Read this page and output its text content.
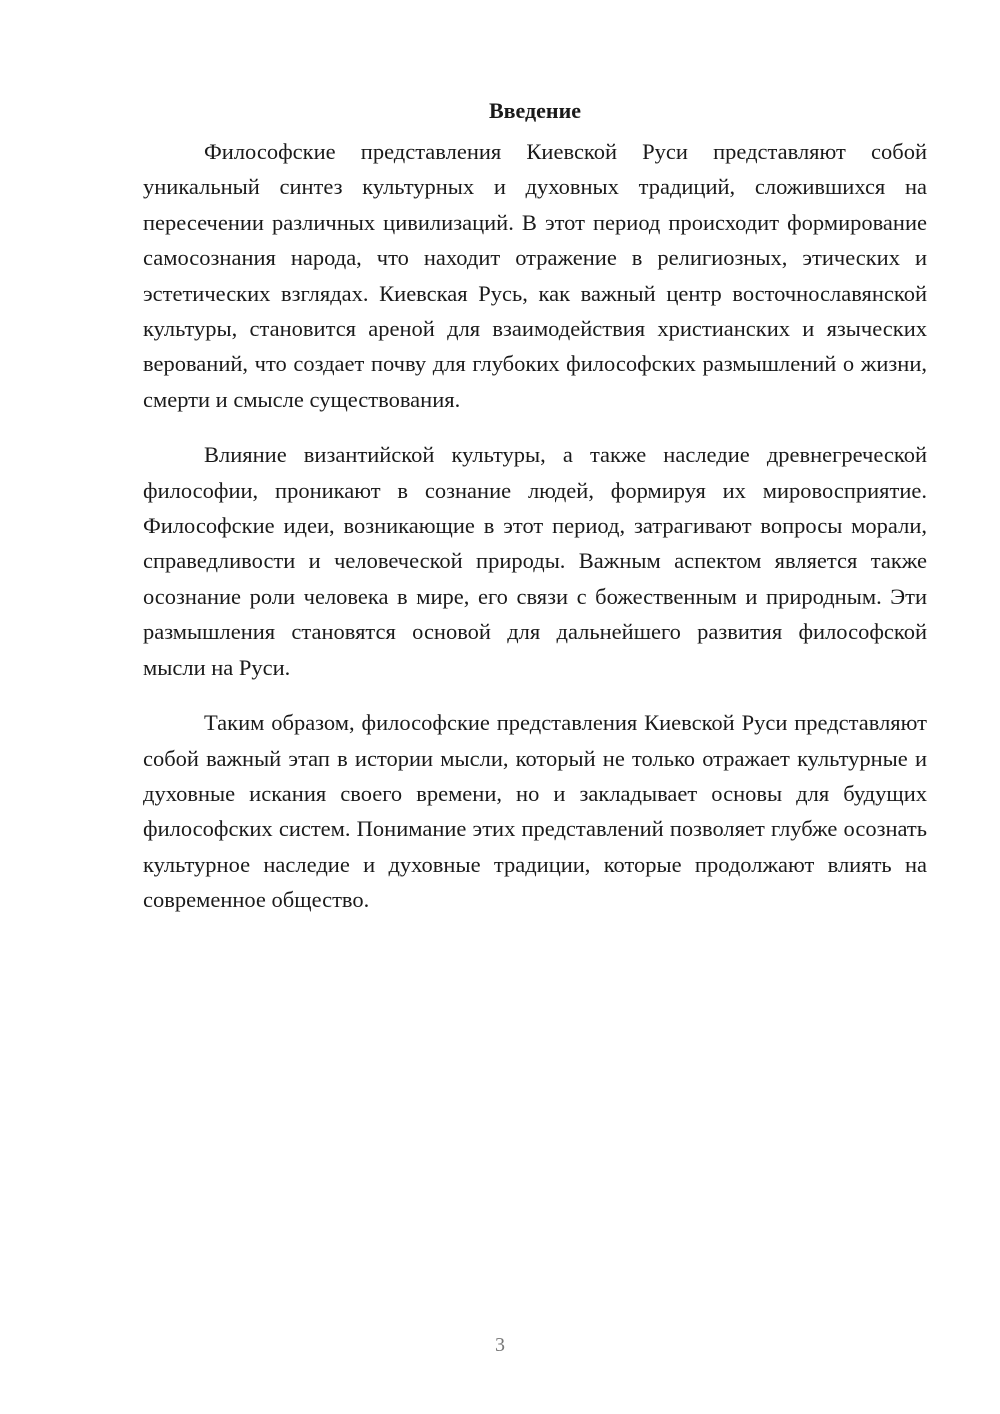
Введение

Философские представления Киевской Руси представляют собой уникальный синтез культурных и духовных традиций, сложившихся на пересечении различных цивилизаций. В этот период происходит формирование самосознания народа, что находит отражение в религиозных, этических и эстетических взглядах. Киевская Русь, как важный центр восточнославянской культуры, становится ареной для взаимодействия христианских и языческих верований, что создает почву для глубоких философских размышлений о жизни, смерти и смысле существования.

Влияние византийской культуры, а также наследие древнегреческой философии, проникают в сознание людей, формируя их мировосприятие. Философские идеи, возникающие в этот период, затрагивают вопросы морали, справедливости и человеческой природы. Важным аспектом является также осознание роли человека в мире, его связи с божественным и природным. Эти размышления становятся основой для дальнейшего развития философской мысли на Руси.

Таким образом, философские представления Киевской Руси представляют собой важный этап в истории мысли, который не только отражает культурные и духовные искания своего времени, но и закладывает основы для будущих философских систем. Понимание этих представлений позволяет глубже осознать культурное наследие и духовные традиции, которые продолжают влиять на современное общество.

3
